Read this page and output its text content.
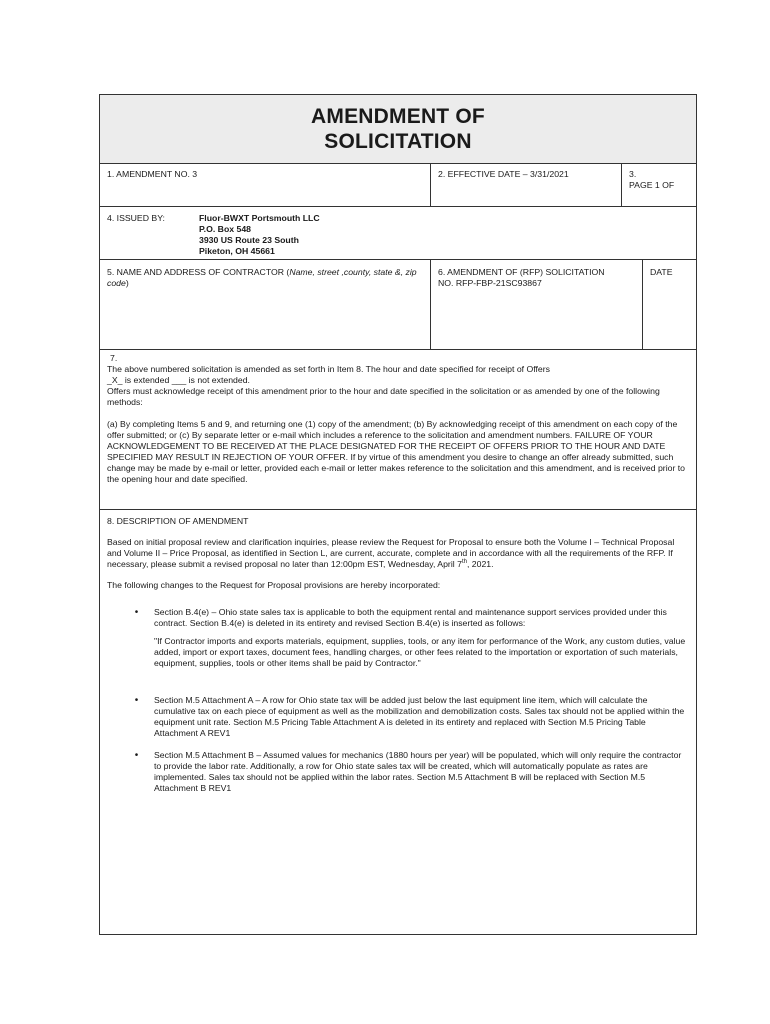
AMENDMENT OF
SOLICITATION
1. AMENDMENT NO. 3	2. EFFECTIVE DATE – 3/31/2021	3.
PAGE 1 OF
4. ISSUED BY:	Fluor-BWXT Portsmouth LLC
P.O. Box 548
3930 US Route 23 South
Piketon, OH 45661
5. NAME AND ADDRESS OF CONTRACTOR (Name, street ,county, state &, zip code)
6. AMENDMENT OF (RFP) SOLICITATION
NO. RFP-FBP-21SC93867
DATE

7.

The above numbered solicitation is amended as set forth in Item 8. The hour and date specified for receipt of Offers

_X_ is extended ___ is not extended.

Offers must acknowledge receipt of this amendment prior to the hour and date specified in the solicitation or as amended by one of the following methods:

(a) By completing Items 5 and 9, and returning one (1) copy of the amendment; (b) By acknowledging receipt of this amendment on each copy of the offer submitted; or (c) By separate letter or e-mail which includes a reference to the solicitation and amendment numbers. FAILURE OF YOUR ACKNOWLEDGEMENT TO BE RECEIVED AT THE PLACE DESIGNATED FOR THE RECEIPT OF OFFERS PRIOR TO THE HOUR AND DATE SPECIFIED MAY RESULT IN REJECTION OF YOUR OFFER. If by virtue of this amendment you desire to change an offer already submitted, such change may be made by e-mail or letter, provided each e-mail or letter makes reference to the solicitation and this amendment, and is received prior to the opening hour and date specified.

8. DESCRIPTION OF AMENDMENT

Based on initial proposal review and clarification inquiries, please review the Request for Proposal to ensure both the Volume I – Technical Proposal and Volume II – Price Proposal, as identified in Section L, are current, accurate, complete and in accordance with all the requirements of the RFP. If necessary, please submit a revised proposal no later than 12:00pm EST, Wednesday, April 7th, 2021.

The following changes to the Request for Proposal provisions are hereby incorporated:

•	Section B.4(e) – Ohio state sales tax is applicable to both the equipment rental and maintenance support services provided under this contract. Section B.4(e) is deleted in its entirety and revised Section B.4(e) is inserted as follows:
"If Contractor imports and exports materials, equipment, supplies, tools, or any item for performance of the Work, any custom duties, value added, import or export taxes, document fees, handling charges, or other fees related to the importation or exportation of such materials, equipment, supplies, tools or other items shall be paid by Contractor."
•	Section M.5 Attachment A – A row for Ohio state tax will be added just below the last equipment line item, which will calculate the cumulative tax on each piece of equipment as well as the mobilization and demobilization costs. Sales tax should not be applied within the equipment unit rate. Section M.5 Pricing Table Attachment A is deleted in its entirety and replaced with Section M.5 Pricing Table Attachment A REV1
•	Section M.5 Attachment B – Assumed values for mechanics (1880 hours per year) will be populated, which will only require the contractor to provide the labor rate. Additionally, a row for Ohio state sales tax will be created, which will automatically populate as rates are implemented. Sales tax should not be applied within the labor rates. Section M.5 Attachment B will be replaced with Section M.5 Attachment B REV1
